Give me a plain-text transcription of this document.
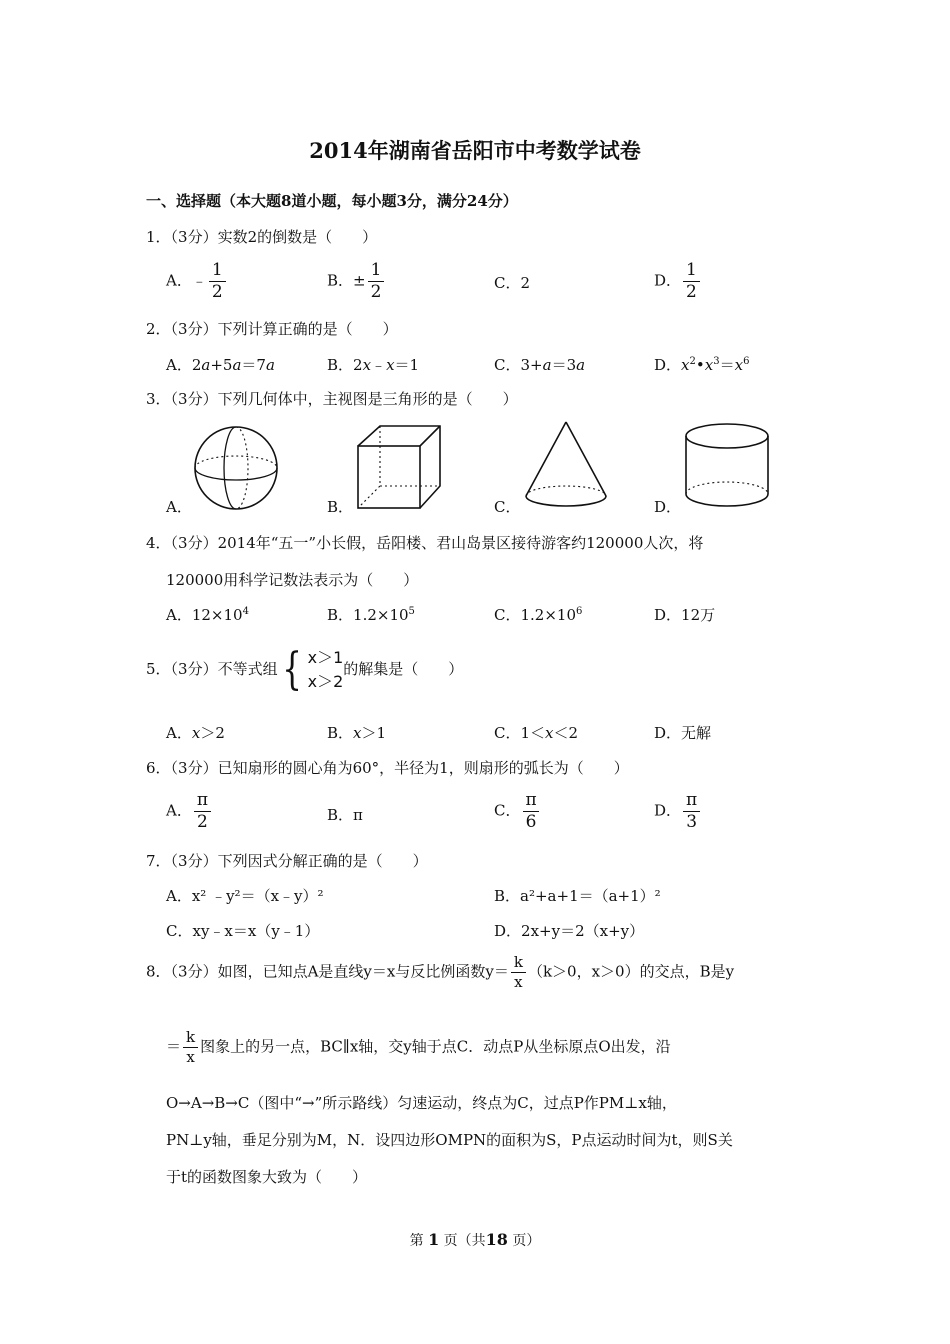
2014年湖南省岳阳市中考数学试卷
一、选择题（本大题8道小题，每小题3分，满分24分）
1．（3分）实数2的倒数是（　　）
A．﹣ $\frac{1}{2}$	B．± $\frac{1}{2}$	C．2	D． $\frac{1}{2}$
2．（3分）下列计算正确的是（　　）
A．2a+5a＝7a	B．2x﹣x＝1	C．3+a＝3a	D．$x^2•x^3=x^6$
3．（3分）下列几何体中，主视图是三角形的是（　　）
A．	B．	C．	D．
4．（3分）2014年“五一”小长假，岳阳楼、君山岛景区接待游客约120000人次，将
120000用科学记数法表示为（　　）
A．$12\times 10^4$	B．$1.2\times 10^5$	C．$1.2\times 10^6$	D．12万
5．（3分）不等式组 { x＞1
x＞2
的解集是（　　）
A．x＞2	B．x＞1	C．1＜x＜2	D．无解
6．（3分）已知扇形的圆心角为60°，半径为1，则扇形的弧长为（　　）
A． $\frac{\pi}{2}$	B．π	C． $\frac{\pi}{6}$	D． $\frac{\pi}{3}$
7．（3分）下列因式分解正确的是（　　）
A．x² ﹣y²＝（x﹣y）²	B．a²+a+1＝（a+1）²
C．xy﹣x＝x（y﹣1）	D．2x+y＝2（x+y）
8．（3分）如图，已知点A是直线y＝x与反比例函数$y= \frac{k}{x} (k>0$，x＞0）的交点，B是y
＝ $\frac{k}{x}$ 图象上的另一点，BC∥x轴，交y轴于点C．动点P从坐标原点O出发，沿
O→A→B→C（图中“→”所示路线）匀速运动，终点为C，过点P作PM⊥x轴，
PN⊥y轴，垂足分别为M，N．设四边形OMPN的面积为S，P点运动时间为t，则S关
于t的函数图象大致为（　　）
第 1 页（共18 页）
